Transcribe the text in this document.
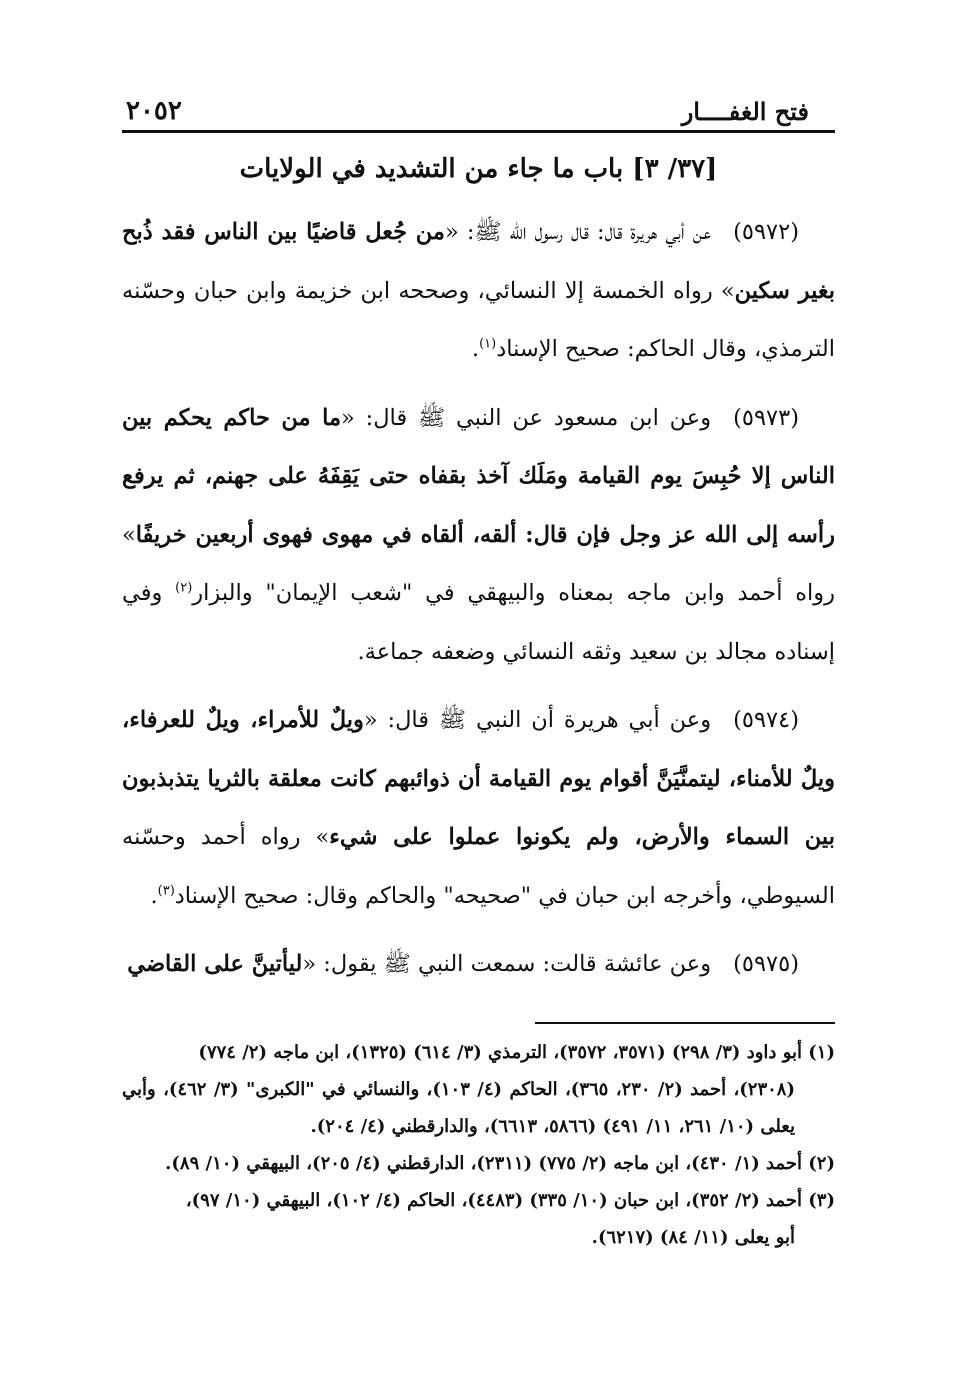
فتح الغفــــار
٢٠٥٢
[٣٧/ ٣] باب ما جاء من التشديد في الولايات

(٥٩٧٢)عن أبي هريرة قال: قال رسول الله ﷺ: «من جُعل قاضيًا بين الناس فقد ذُبح بغير سكين» رواه الخمسة إلا النسائي، وصححه ابن خزيمة وابن حبان وحسّنه الترمذي، وقال الحاكم: صحيح الإسناد$^{(١)}$.

(٥٩٧٣)وعن ابن مسعود عن النبي ﷺ قال: «ما من حاكم يحكم بين الناس إلا حُبِسَ يوم القيامة ومَلَك آخذ بقفاه حتى يَقِفَهُ على جهنم، ثم يرفع رأسه إلى الله عز وجل فإن قال: ألقه، ألقاه في مهوى فهوى أربعين خريفًا» رواه أحمد وابن ماجه بمعناه والبيهقي في "شعب الإيمان" والبزار$^{(٢)}$ وفي إسناده مجالد بن سعيد وثقه النسائي وضعفه جماعة.

(٥٩٧٤)وعن أبي هريرة أن النبي ﷺ قال: «ويلٌ للأمراء، ويلٌ للعرفاء، ويلٌ للأمناء، ليتمنَّيَنَّ أقوام يوم القيامة أن ذوائبهم كانت معلقة بالثريا يتذبذبون بين السماء والأرض، ولم يكونوا عملوا على شيء» رواه أحمد وحسّنه السيوطي، وأخرجه ابن حبان في "صحيحه" والحاكم وقال: صحيح الإسناد$^{(٣)}$.

(٥٩٧٥)وعن عائشة قالت: سمعت النبي ﷺ يقول: «ليأتينَّ على القاضي

(١) أبو داود (٣/ ٢٩٨) (٣٥٧١، ٣٥٧٢)، الترمذي (٣/ ٦١٤) (١٣٢٥)، ابن ماجه (٢/ ٧٧٤)
(٢٣٠٨)، أحمد (٢/ ٢٣٠، ٣٦٥)، الحاكم (٤/ ١٠٣)، والنسائي في "الكبرى" (٣/ ٤٦٢)، وأبي يعلى (١٠/ ٢٦١، ١١/ ٤٩١) (٥٨٦٦، ٦٦١٣)، والدارقطني (٤/ ٢٠٤).

(٢) أحمد (١/ ٤٣٠)، ابن ماجه (٢/ ٧٧٥) (٢٣١١)، الدارقطني (٤/ ٢٠٥)، البيهقي (١٠/ ٨٩).

(٣) أحمد (٢/ ٣٥٢)، ابن حبان (١٠/ ٣٣٥) (٤٤٨٣)، الحاكم (٤/ ١٠٢)، البيهقي (١٠/ ٩٧)،
أبو يعلى (١١/ ٨٤) (٦٢١٧).
